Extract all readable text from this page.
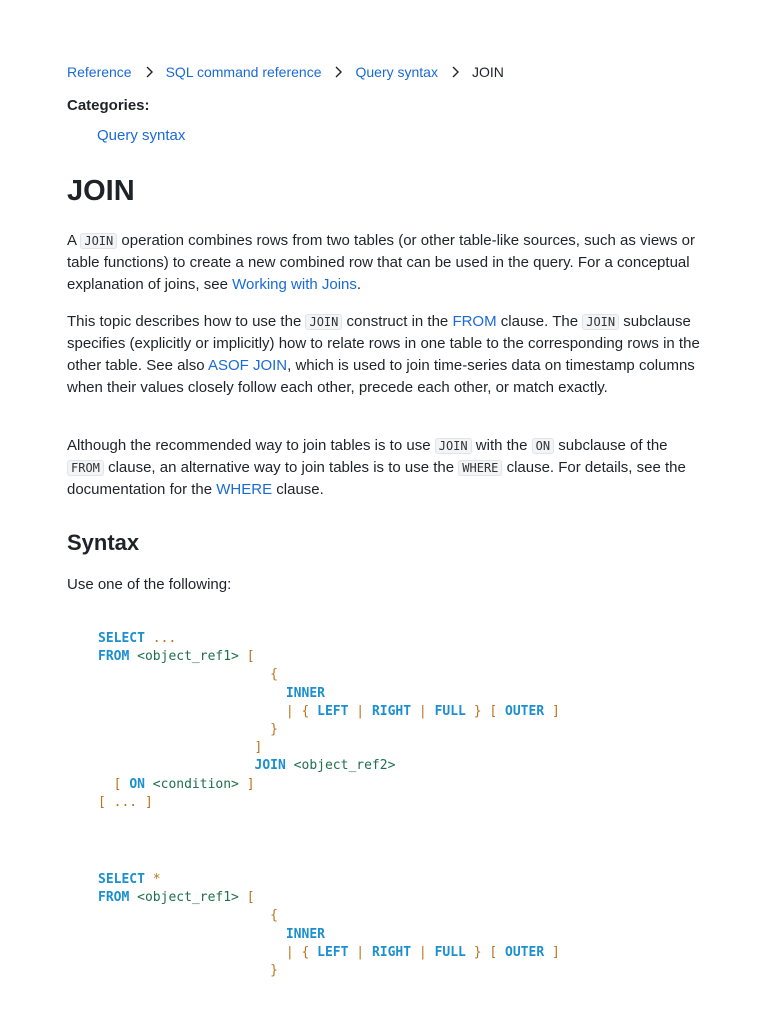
Reference SQL command reference Query syntax JOIN
Categories:
Query syntax
JOIN

A JOIN operation combines rows from two tables (or other table-like sources, such as views or table functions) to create a new combined row that can be used in the query. For a conceptual explanation of joins, see Working with Joins.

This topic describes how to use the JOIN construct in the FROM clause. The JOIN subclause specifies (explicitly or implicitly) how to relate rows in one table to the corresponding rows in the other table. See also ASOF JOIN, which is used to join time-series data on timestamp columns when their values closely follow each other, precede each other, or match exactly.

Although the recommended way to join tables is to use JOIN with the ON subclause of the FROM clause, an alternative way to join tables is to use the WHERE clause. For details, see the documentation for the WHERE clause.

Syntax
Use one of the following:
SELECT ...
FROM <object_ref1> [
{
INNER
| { LEFT | RIGHT | FULL } [ OUTER ]
}
]
JOIN <object_ref2>
[ ON <condition> ]
[ ... ]
SELECT *
FROM <object_ref1> [
{
INNER
| { LEFT | RIGHT | FULL } [ OUTER ]
}
